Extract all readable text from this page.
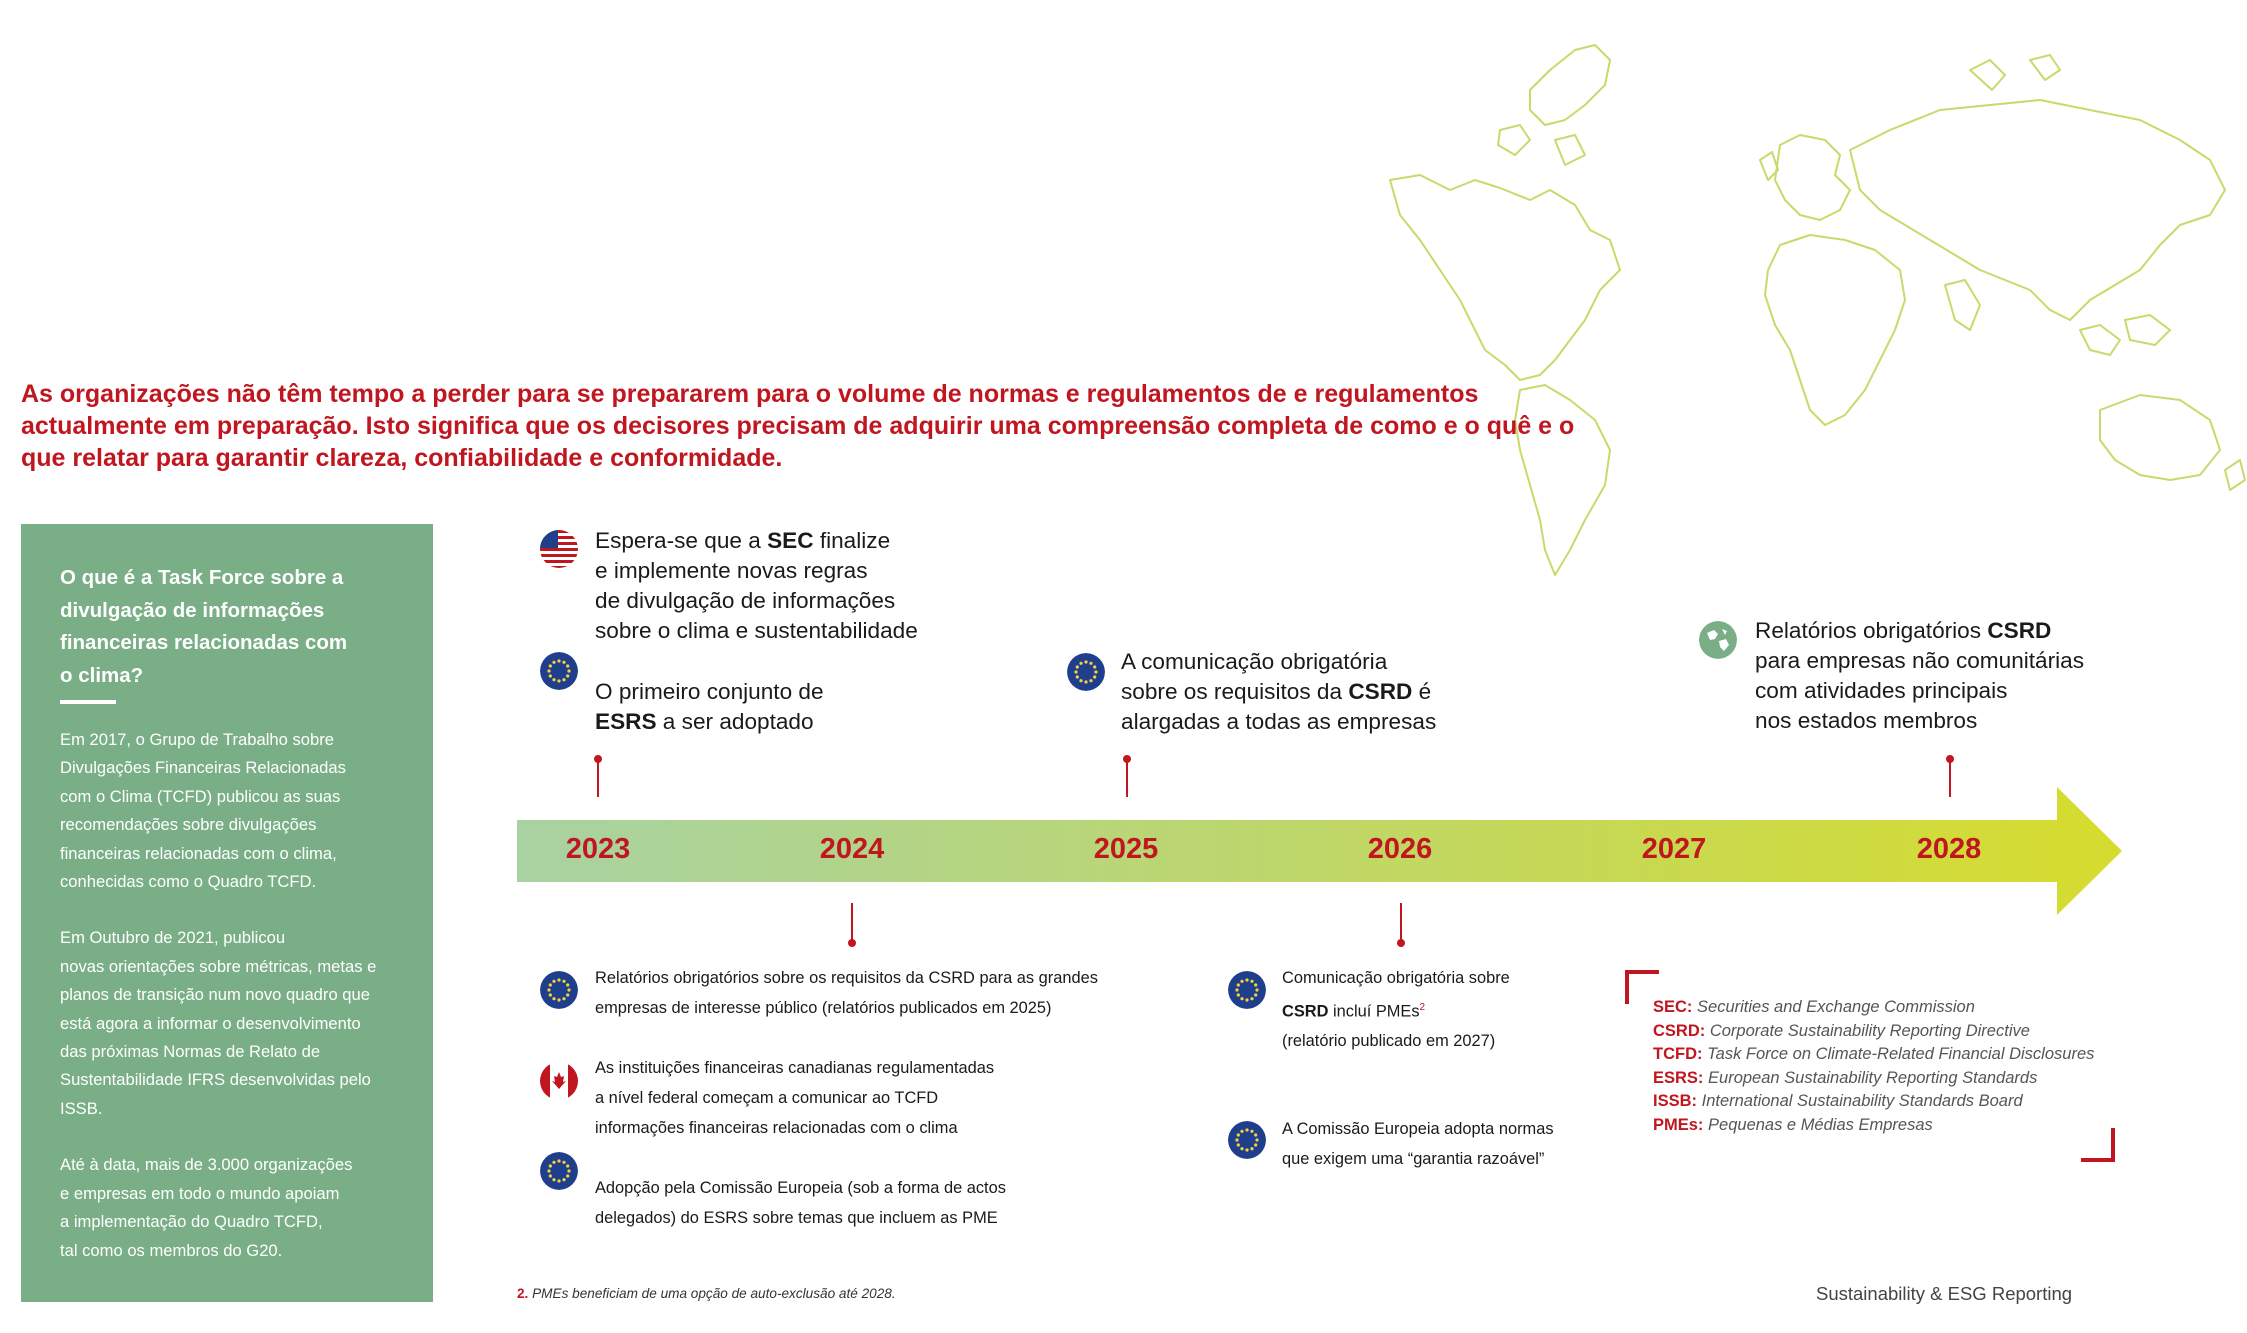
As organizações não têm tempo a perder para se prepararem para o volume de normas e regulamentos de e regulamentos actualmente em preparação. Isto significa que os decisores precisam de adquirir uma compreensão completa de como e o quê e o que relatar para garantir clareza, confiabilidade e conformidade.

O que é a Task Force sobre a divulgação de informações financeiras relacionadas com o clima?

Em 2017, o Grupo de Trabalho sobre
Divulgações Financeiras Relacionadas
com o Clima (TCFD) publicou as suas
recomendações sobre divulgações
financeiras relacionadas com o clima,
conhecidas como o Quadro TCFD.

Em Outubro de 2021, publicou
novas orientações sobre métricas, metas e
planos de transição num novo quadro que
está agora a informar o desenvolvimento
das próximas Normas de Relato de
Sustentabilidade IFRS desenvolvidas pelo
ISSB.

Até à data, mais de 3.000 organizações
e empresas em todo o mundo apoiam
a implementação do Quadro TCFD,
tal como os membros do G20.

2023	2024	2025	2026	2027	2028
Espera-se que a SEC finalize
e implemente novas regras
de divulgação de informações
sobre o clima e sustentabilidade
O primeiro conjunto de
ESRS a ser adoptado
A comunicação obrigatória
sobre os requisitos da CSRD é
alargadas a todas as empresas
Relatórios obrigatórios CSRD
para empresas não comunitárias
com atividades principais
nos estados membros
Relatórios obrigatórios sobre os requisitos da CSRD para as grandes
empresas de interesse público (relatórios publicados em 2025)
As instituições financeiras canadianas regulamentadas
a nível federal começam a comunicar ao TCFD
informações financeiras relacionadas com o clima
Adopção pela Comissão Europeia (sob a forma de actos
delegados) do ESRS sobre temas que incluem as PME
Comunicação obrigatória sobre
CSRD incluí PMEs$^2$
(relatório publicado em 2027)
A Comissão Europeia adopta normas
que exigem uma “garantia razoável”
SEC: Securities and Exchange Commission
CSRD: Corporate Sustainability Reporting Directive
TCFD: Task Force on Climate-Related Financial Disclosures
ESRS: European Sustainability Reporting Standards
ISSB: International Sustainability Standards Board
PMEs: Pequenas e Médias Empresas
2. PMEs beneficiam de uma opção de auto-exclusão até 2028.	Sustainability & ESG Reporting
